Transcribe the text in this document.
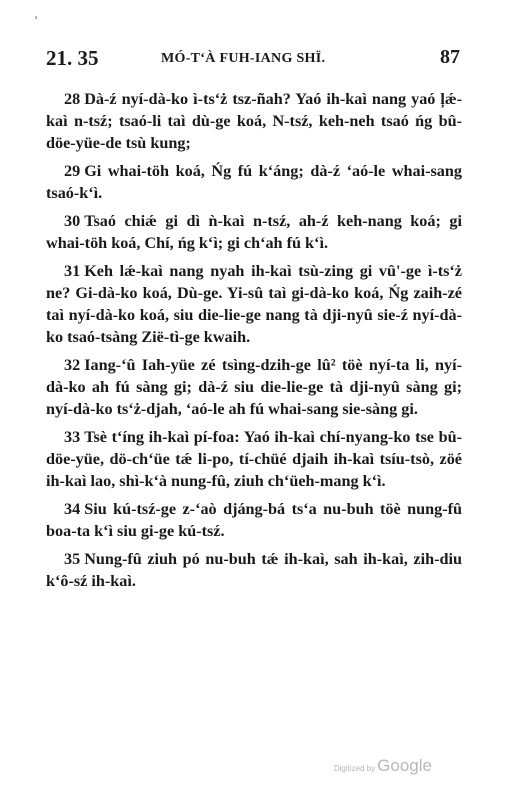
'
21. 35	MÓ-T‘À FUH-IANG SHÏ.	87

28 Dà-ź nyí-dà-ko ì-ts‘ż tsz-ñah? Yaó ih-kaì nang yaó ļǽ-kaì n-tsź; tsaó-li taì dù-ge koá, N-tsź, keh-neh tsaó ńg bû-döe-yüe-de tsù kung;

29 Gi whai-töh koá, Ńg fú k‘áng; dà-ź ‘aó-le whai-sang tsaó-k‘ì.

30 Tsaó chiǽ gi dì ǹ-kaì n-tsź, ah-ź keh-nang koá; gi whai-töh koá, Chí, ńg k‘ì; gi ch‘ah fú k‘ì.

31 Keh lǽ-kaì nang nyah ih-kaì tsù-zing gi vû'-ge ì-ts‘ż ne? Gi-dà-ko koá, Dù-ge. Yi-sû taì gi-dà-ko koá, Ńg zaih-zé taì nyí-dà-ko koá, siu die-lie-ge nang tà dji-nyû sie-ź nyí-dà-ko tsaó-tsàng Zië-tì-ge kwaih.

32 Iang-‘û Iah-yüe zé tsìng-dzih-ge lû² töè nyí-ta li, nyí-dà-ko ah fú sàng gi; dà-ź siu die-lie-ge tà dji-nyû sàng gi; nyí-dà-ko ts‘ż-djah, ‘aó-le ah fú whai-sang sie-sàng gi.

33 Tsè t‘íng ih-kaì pí-foa: Yaó ih-kaì chí-nyang-ko tse bû-döe-yüe, dö-ch‘üe tǽ li-po, tí-chüé djaih ih-kaì tsíu-tsò, zöé ih-kaì lao, shì-k‘à nung-fû, ziuh ch‘üeh-mang k‘ì.

34 Siu kú-tsź-ge z-‘aò djáng-bá ts‘a nu-buh töè nung-fû boa-ta k‘ì siu gi-ge kú-tsź.

35 Nung-fû ziuh pó nu-buh tǽ ih-kaì, sah ih-kaì, zih-diu k‘ô-sź ih-kaì.

Digitized by Google
